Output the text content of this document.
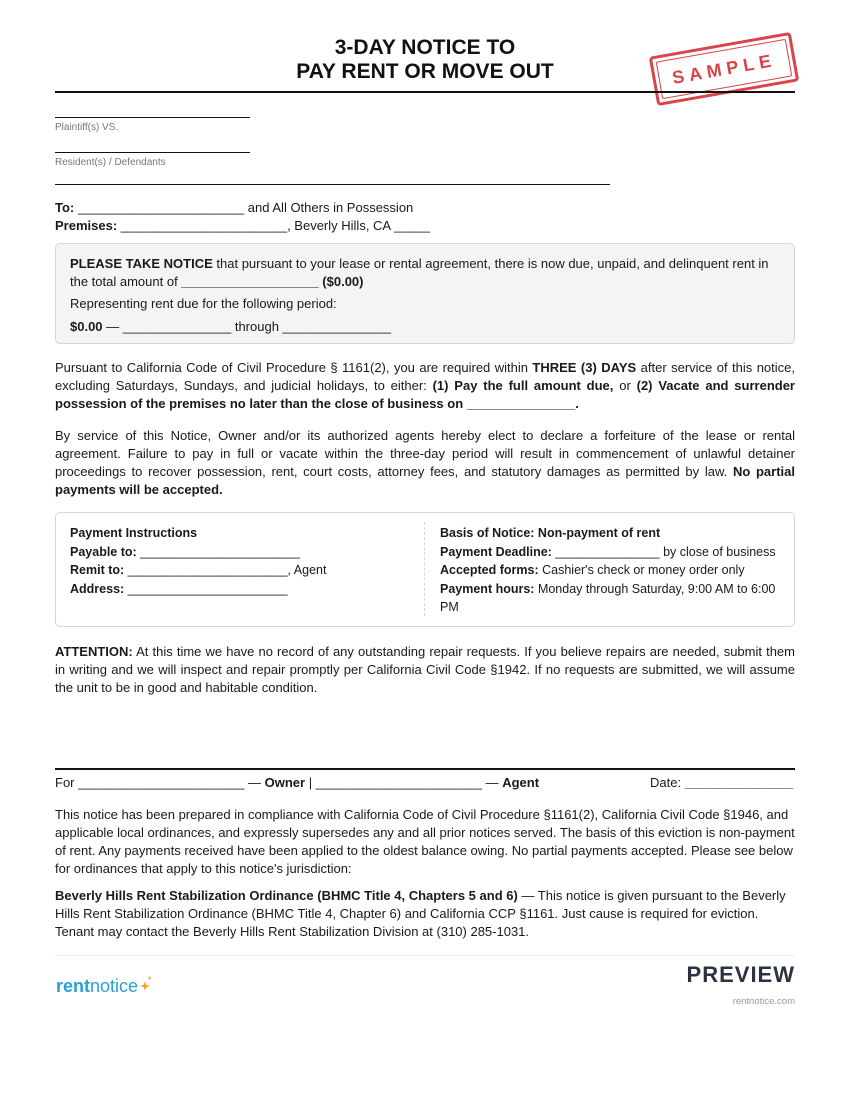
3-DAY NOTICE TO
PAY RENT OR MOVE OUT	SAMPLE
Plaintiff(s) VS.
Resident(s) / Defendants
To: _______________________ and All Others in Possession
Premises: _______________________, Beverly Hills, CA _____
PLEASE TAKE NOTICE that pursuant to your lease or rental agreement, there is now due, unpaid, and delinquent rent in the total amount of ___________________ ($0.00)
Representing rent due for the following period:
$0.00 — _______________ through _______________
Pursuant to California Code of Civil Procedure § 1161(2), you are required within THREE (3) DAYS after service of this notice, excluding Saturdays, Sundays, and judicial holidays, to either: (1) Pay the full amount due, or (2) Vacate and surrender possession of the premises no later than the close of business on _______________.
By service of this Notice, Owner and/or its authorized agents hereby elect to declare a forfeiture of the lease or rental agreement. Failure to pay in full or vacate within the three-day period will result in commencement of unlawful detainer proceedings to recover possession, rent, court costs, attorney fees, and statutory damages as permitted by law. No partial payments will be accepted.
Payment Instructions
Payable to: _______________________
Remit to: _______________________, Agent
Address: _______________________
Basis of Notice: Non-payment of rent
Payment Deadline: _______________ by close of business
Accepted forms: Cashier's check or money order only
Payment hours: Monday through Saturday, 9:00 AM to 6:00 PM
ATTENTION: At this time we have no record of any outstanding repair requests. If you believe repairs are needed, submit them in writing and we will inspect and repair promptly per California Civil Code §1942. If no requests are submitted, we will assume the unit to be in good and habitable condition.
For _______________________ — Owner | _______________________ — Agent	Date: _______________
This notice has been prepared in compliance with California Code of Civil Procedure §1161(2), California Civil Code §1946, and applicable local ordinances, and expressly supersedes any and all prior notices served. The basis of this eviction is non-payment of rent. Any payments received have been applied to the oldest balance owing. No partial payments accepted. Please see below for ordinances that apply to this notice's jurisdiction:
Beverly Hills Rent Stabilization Ordinance (BHMC Title 4, Chapters 5 and 6) — This notice is given pursuant to the Beverly Hills Rent Stabilization Ordinance (BHMC Title 4, Chapter 6) and California CCP §1161. Just cause is required for eviction. Tenant may contact the Beverly Hills Rent Stabilization Division at (310) 285-1031.
rentnotice	PREVIEW
rentnotice.com
